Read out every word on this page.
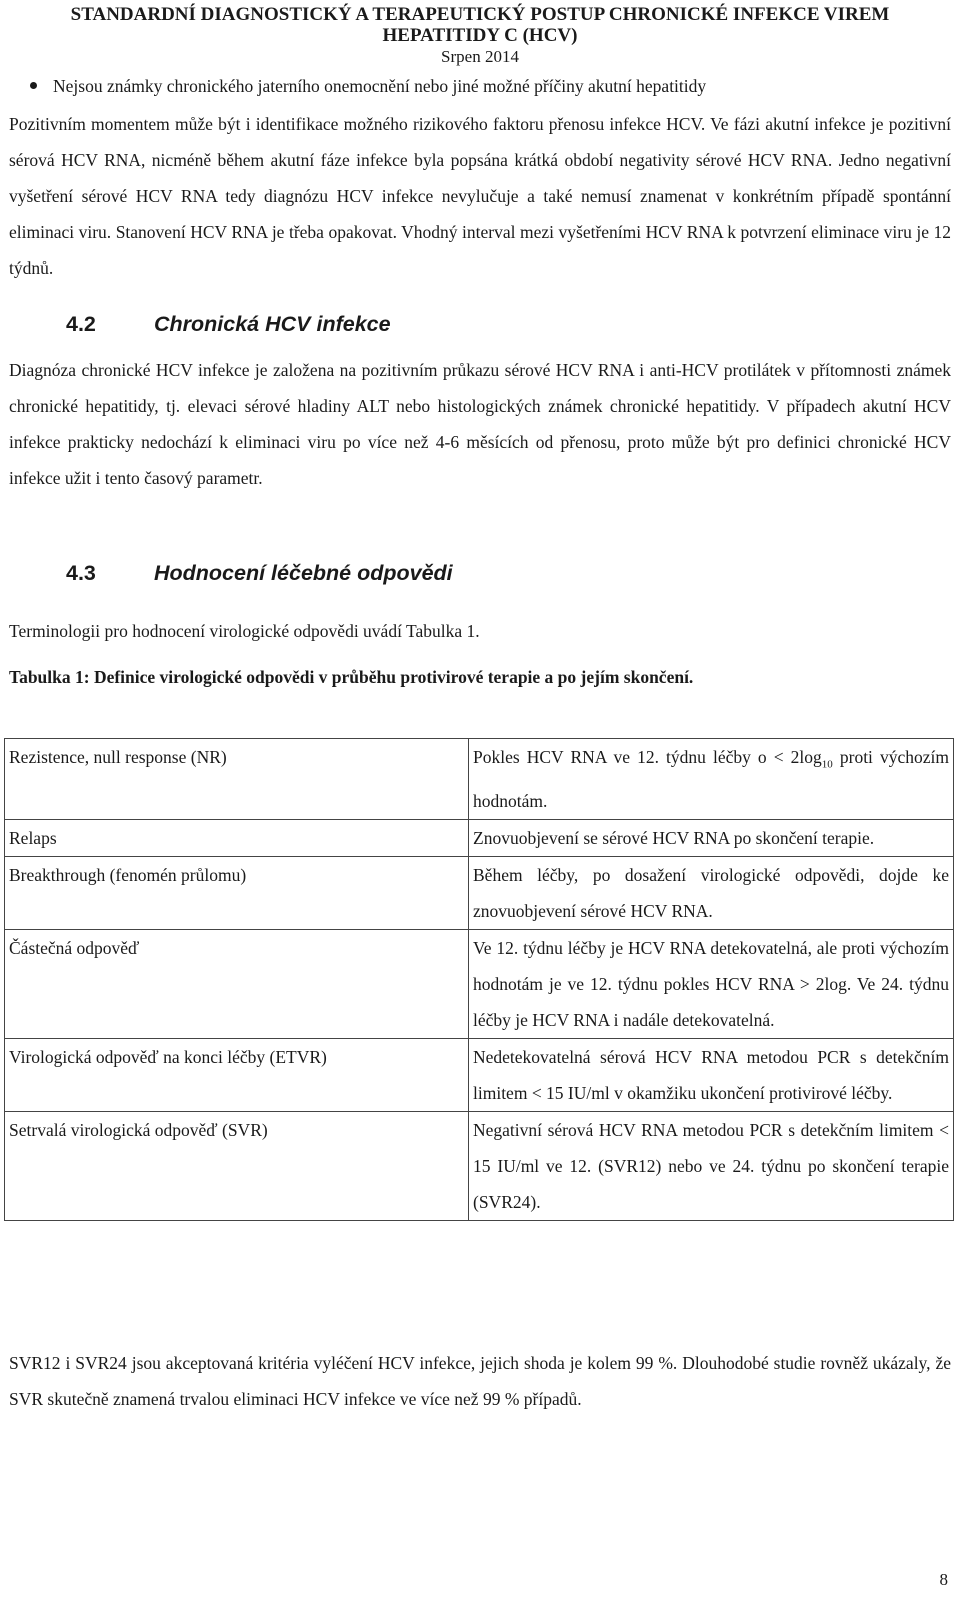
STANDARDNÍ DIAGNOSTICKÝ A TERAPEUTICKÝ POSTUP CHRONICKÉ INFEKCE VIREM
HEPATITIDY C (HCV)
Srpen 2014
Nejsou známky chronického jaterního onemocnění nebo jiné možné příčiny akutní hepatitidy
Pozitivním momentem může být i identifikace možného rizikového faktoru přenosu infekce HCV. Ve fázi akutní infekce je pozitivní sérová HCV RNA, nicméně během akutní fáze infekce byla popsána krátká období negativity sérové HCV RNA. Jedno negativní vyšetření sérové HCV RNA tedy diagnózu HCV infekce nevylučuje a také nemusí znamenat v konkrétním případě spontánní eliminaci viru. Stanovení HCV RNA je třeba opakovat. Vhodný interval mezi vyšetřeními HCV RNA k potvrzení eliminace viru je 12 týdnů.
4.2	Chronická HCV infekce
Diagnóza chronické HCV infekce je založena na pozitivním průkazu sérové HCV RNA i anti-HCV protilátek v přítomnosti známek chronické hepatitidy, tj. elevaci sérové hladiny ALT nebo histologických známek chronické hepatitidy. V případech akutní HCV infekce prakticky nedochází k eliminaci viru po více než 4-6 měsících od přenosu, proto může být pro definici chronické HCV infekce užit i tento časový parametr.
4.3	Hodnocení léčebné odpovědi
Terminologii pro hodnocení virologické odpovědi uvádí Tabulka 1.
Tabulka 1: Definice virologické odpovědi v průběhu protivirové terapie a po jejím skončení.
Rezistence, null response (NR)	Pokles HCV RNA ve 12. týdnu léčby $o < 2\log_{10}$ proti výchozím hodnotám.
Relaps	Znovuobjevení se sérové HCV RNA po skončení terapie.
Breakthrough (fenomén průlomu)	Během léčby, po dosažení virologické odpovědi, dojde ke znovuobjevení sérové HCV RNA.
Částečná odpověď	Ve 12. týdnu léčby je HCV RNA detekovatelná, ale proti výchozím hodnotám je ve 12. týdnu pokles HCV RNA > 2log. Ve 24. týdnu léčby je HCV RNA i nadále detekovatelná.
Virologická odpověď na konci léčby (ETVR)	Nedetekovatelná sérová HCV RNA metodou PCR s detekčním limitem < 15 IU/ml v okamžiku ukončení protivirové léčby.
Setrvalá virologická odpověď (SVR)	Negativní sérová HCV RNA metodou PCR s detekčním limitem < 15 IU/ml ve 12. (SVR12) nebo ve 24. týdnu po skončení terapie (SVR24).
SVR12 i SVR24 jsou akceptovaná kritéria vyléčení HCV infekce, jejich shoda je kolem 99 %. Dlouhodobé studie rovněž ukázaly, že SVR skutečně znamená trvalou eliminaci HCV infekce ve více než 99 % případů.
8
